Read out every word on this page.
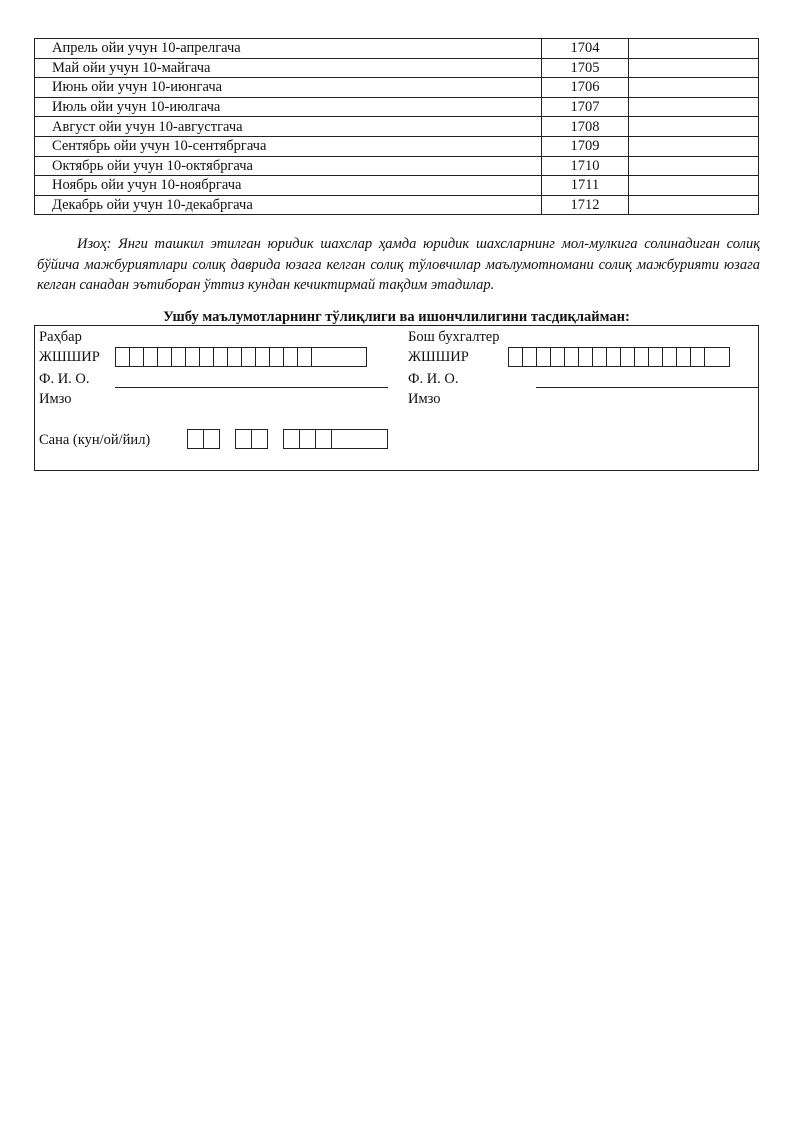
Апрель ойи учун 10-апрелгача	1704	
Май ойи учун 10-майгача	1705	
Июнь ойи учун 10-июнгача	1706	
Июль ойи учун 10-июлгача	1707	
Август ойи учун 10-августгача	1708	
Сентябрь ойи учун 10-сентябргача	1709	
Октябрь ойи учун 10-октябргача	1710	
Ноябрь ойи учун 10-ноябргача	1711	
Декабрь ойи учун 10-декабргача	1712	
Изоҳ: Янги ташкил этилган юридик шахслар ҳамда юридик шахсларнинг мол-мулкига солинадиган солиқ бўйича мажбуриятлари солиқ даврида юзага келган солиқ тўловчилар маълумотномани солиқ мажбурияти юзага келган санадан эътиборан ўттиз кундан кечиктирмай тақдим этадилар.
Ушбу маълумотларнинг тўлиқлиги ва ишончлилигини тасдиқлайман:
Раҳбар
ЖШШИР
Ф. И. О.
Имзо
Сана (кун/ой/йил)
Бош бухгалтер
ЖШШИР
Ф. И. О.
Имзо
